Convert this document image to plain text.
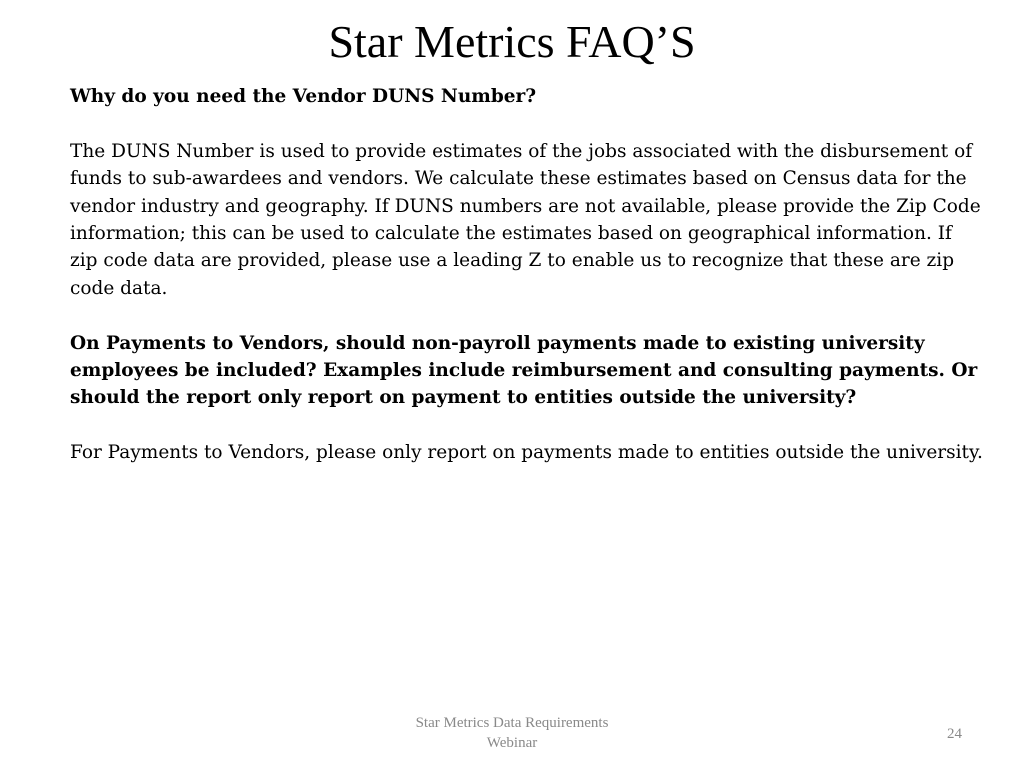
Star Metrics FAQ’S

Why do you need the Vendor DUNS Number?

The DUNS Number is used to provide estimates of the jobs associated with the disbursement of funds to sub-awardees and vendors. We calculate these estimates based on Census data for the vendor industry and geography. If DUNS numbers are not available, please provide the Zip Code information; this can be used to calculate the estimates based on geographical information. If zip code data are provided, please use a leading Z to enable us to recognize that these are zip code data.

On Payments to Vendors, should non-payroll payments made to existing university employees be included? Examples include reimbursement and consulting payments. Or should the report only report on payment to entities outside the university?

For Payments to Vendors, please only report on payments made to entities outside the university.

Star Metrics Data Requirements
Webinar
24
